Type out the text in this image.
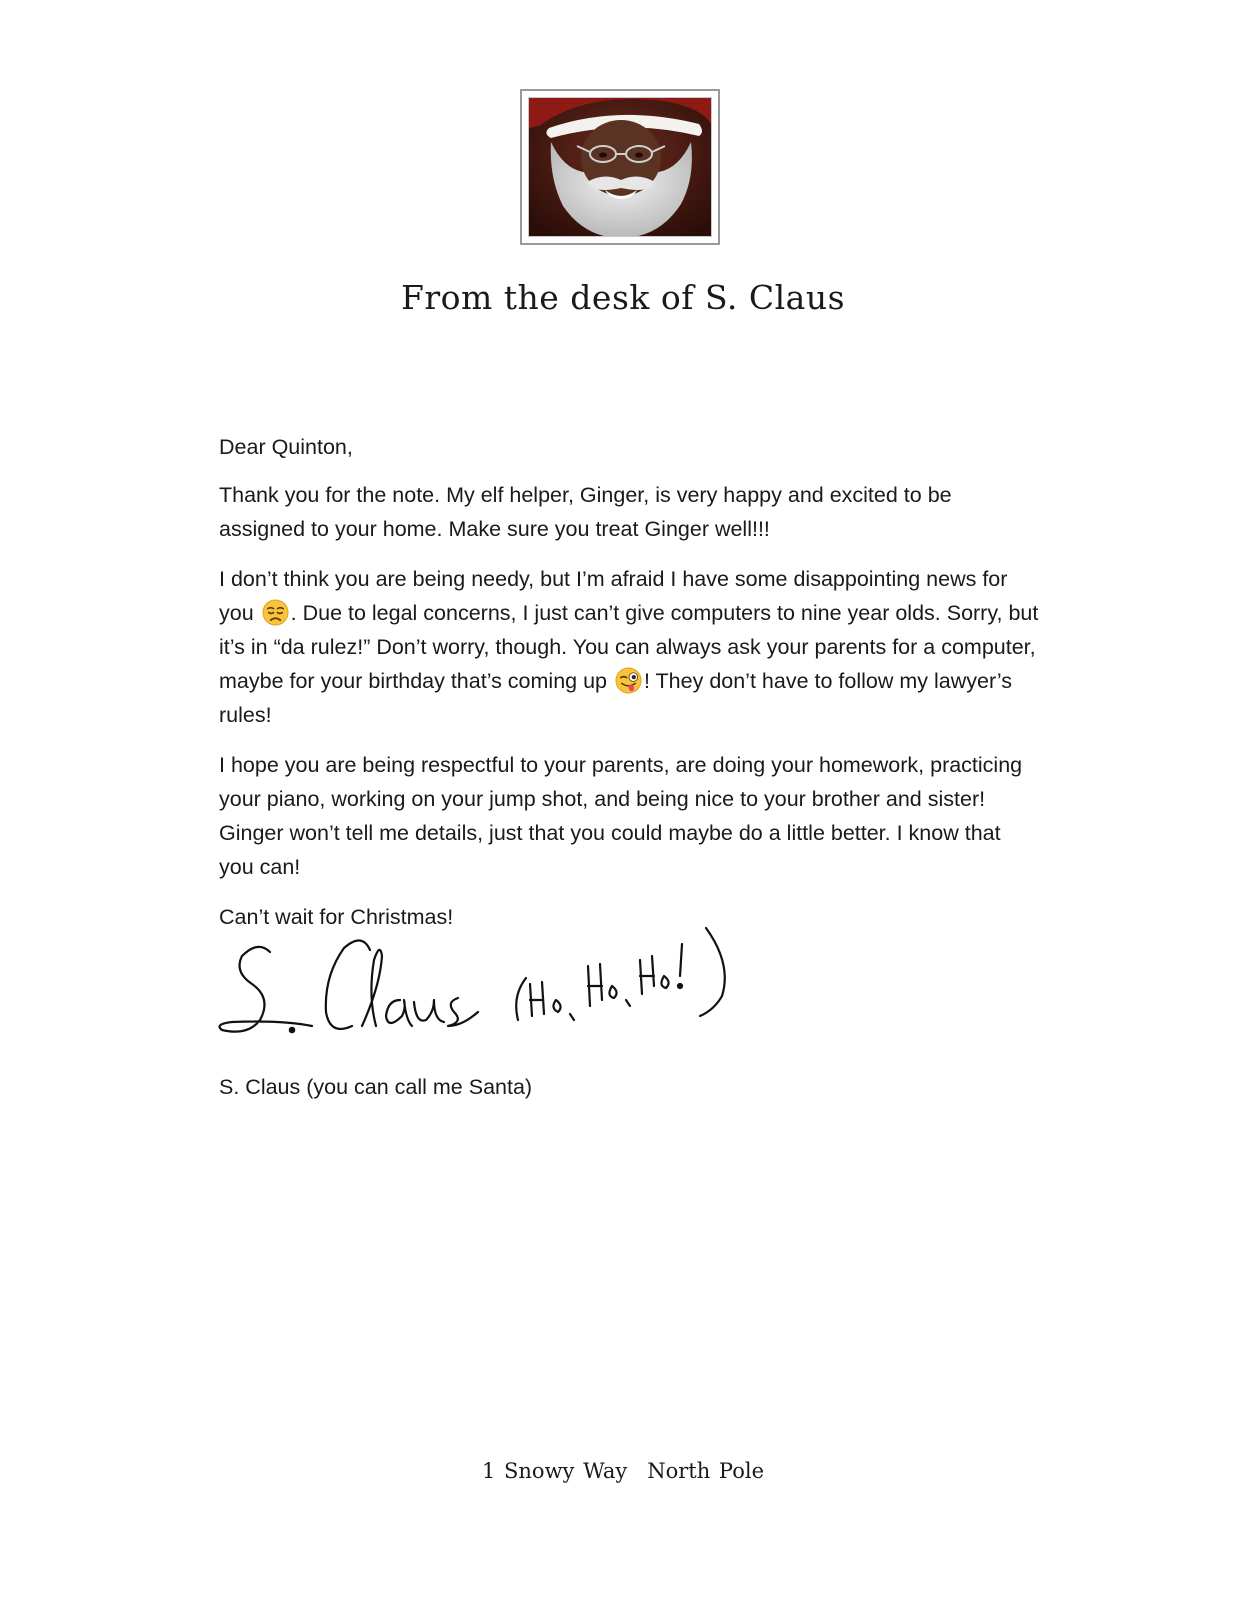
From the desk of S. Claus

Dear Quinton,

Thank you for the note. My elf helper, Ginger, is very happy and excited to be assigned to your home. Make sure you treat Ginger well!!!

I don’t think you are being needy, but I’m afraid I have some disappointing news for you . Due to legal concerns, I just can’t give computers to nine year olds. Sorry, but it’s in “da rulez!” Don’t worry, though. You can always ask your parents for a computer, maybe for your birthday that’s coming up ! They don’t have to follow my lawyer’s rules!

I hope you are being respectful to your parents, are doing your homework, practicing your piano, working on your jump shot, and being nice to your brother and sister! Ginger won’t tell me details, just that you could maybe do a little better. I know that you can!

Can’t wait for Christmas!

S. Claus (you can call me Santa)
1 Snowy Way North Pole
